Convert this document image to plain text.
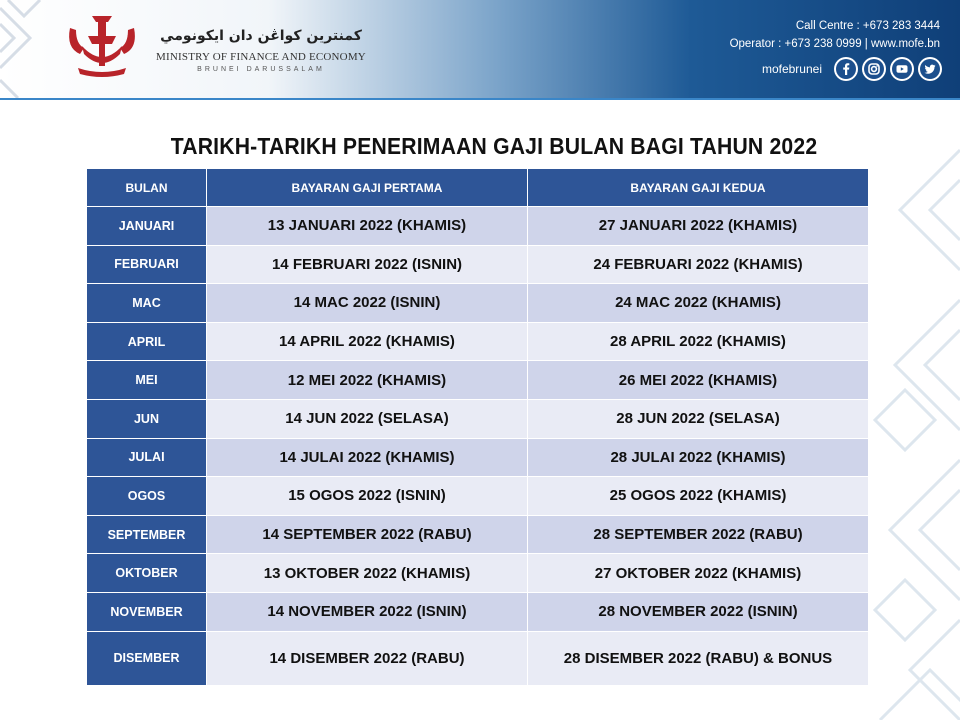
كمنترين كواڠن دان ايكونومي
MINISTRY OF FINANCE AND ECONOMY
BRUNEI DARUSSALAM
Call Centre : +673 283 3444
Operator : +673 238 0999 | www.mofe.bn
mofebrunei
TARIKH-TARIKH PENERIMAAN GAJI BULAN BAGI TAHUN 2022
BULAN	BAYARAN GAJI PERTAMA	BAYARAN GAJI KEDUA
JANUARI	13 JANUARI 2022 (KHAMIS)	27 JANUARI 2022 (KHAMIS)
FEBRUARI	14 FEBRUARI 2022 (ISNIN)	24 FEBRUARI 2022 (KHAMIS)
MAC	14 MAC 2022 (ISNIN)	24 MAC 2022 (KHAMIS)
APRIL	14 APRIL 2022 (KHAMIS)	28 APRIL 2022 (KHAMIS)
MEI	12 MEI 2022 (KHAMIS)	26 MEI 2022 (KHAMIS)
JUN	14 JUN 2022 (SELASA)	28 JUN 2022 (SELASA)
JULAI	14 JULAI 2022 (KHAMIS)	28 JULAI 2022 (KHAMIS)
OGOS	15 OGOS 2022 (ISNIN)	25 OGOS 2022 (KHAMIS)
SEPTEMBER	14 SEPTEMBER 2022 (RABU)	28 SEPTEMBER 2022 (RABU)
OKTOBER	13 OKTOBER 2022 (KHAMIS)	27 OKTOBER 2022 (KHAMIS)
NOVEMBER	14 NOVEMBER 2022 (ISNIN)	28 NOVEMBER 2022 (ISNIN)
DISEMBER	14 DISEMBER 2022 (RABU)	28 DISEMBER 2022 (RABU) & BONUS
